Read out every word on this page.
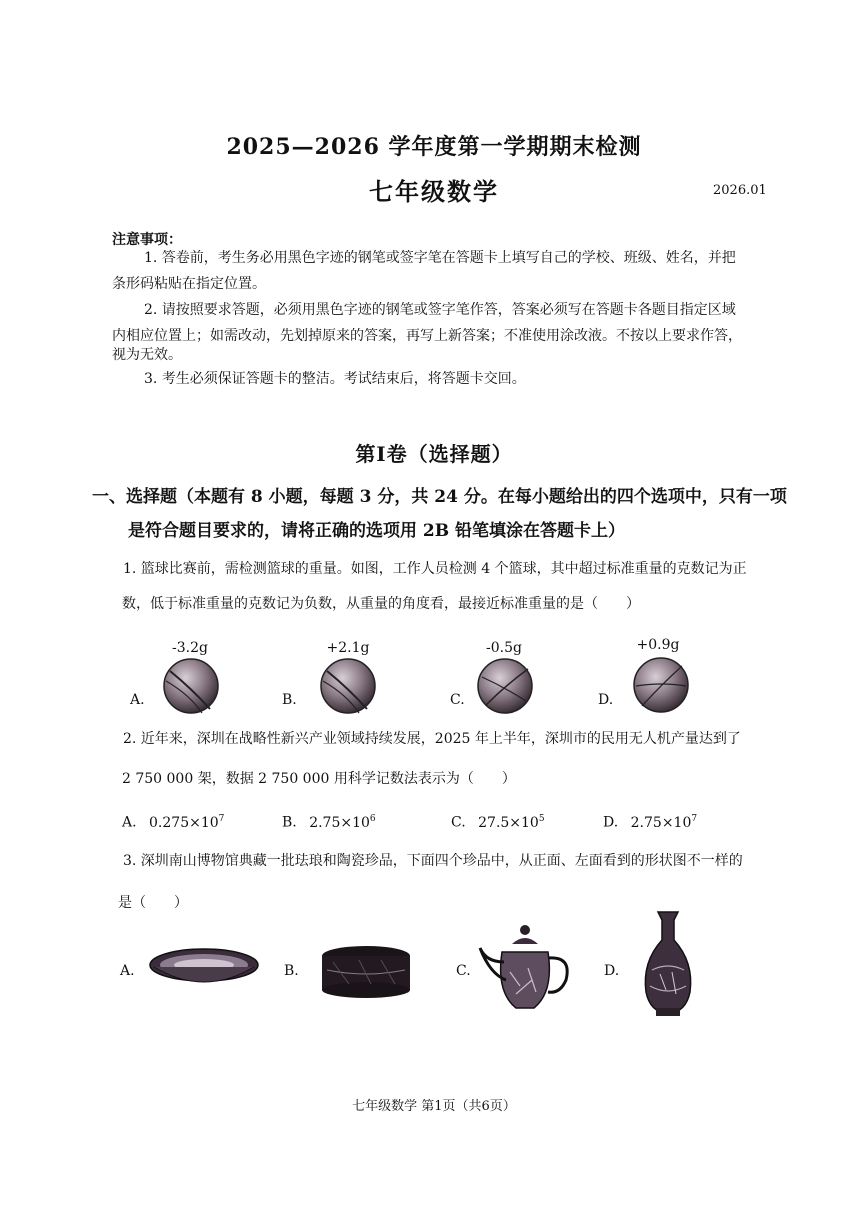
2025—2026 学年度第一学期期末检测
七年级数学	2026.01
注意事项：
1. 答卷前，考生务必用黑色字迹的钢笔或签字笔在答题卡上填写自己的学校、班级、姓名，并把
条形码粘贴在指定位置。
2. 请按照要求答题，必须用黑色字迹的钢笔或签字笔作答，答案必须写在答题卡各题目指定区域
内相应位置上；如需改动，先划掉原来的答案，再写上新答案；不准使用涂改液。不按以上要求作答，
视为无效。
3. 考生必须保证答题卡的整洁。考试结束后，将答题卡交回。
第I卷（选择题）
一、选择题（本题有 8 小题，每题 3 分，共 24 分。在每小题给出的四个选项中，只有一项
是符合题目要求的，请将正确的选项用 2B 铅笔填涂在答题卡上）
1. 篮球比赛前，需检测篮球的重量。如图，工作人员检测 4 个篮球，其中超过标准重量的克数记为正
数，低于标准重量的克数记为负数，从重量的角度看，最接近标准重量的是（　　）
-3.2g
A.
+2.1g
B.
-0.5g
C.
+0.9g
D.
2. 近年来，深圳在战略性新兴产业领域持续发展，2025 年上半年，深圳市的民用无人机产量达到了
2 750 000 架，数据 2 750 000 用科学记数法表示为（　　）
A. $0.275\times 10^7$	B. $2.75\times 10^6$	C. $27.5\times 10^5$	D. $2.75\times 10^7$
3. 深圳南山博物馆典藏一批珐琅和陶瓷珍品，下面四个珍品中，从正面、左面看到的形状图不一样的
是（　　）
A.	B.	C.	D.
七年级数学 第1页（共6页）
